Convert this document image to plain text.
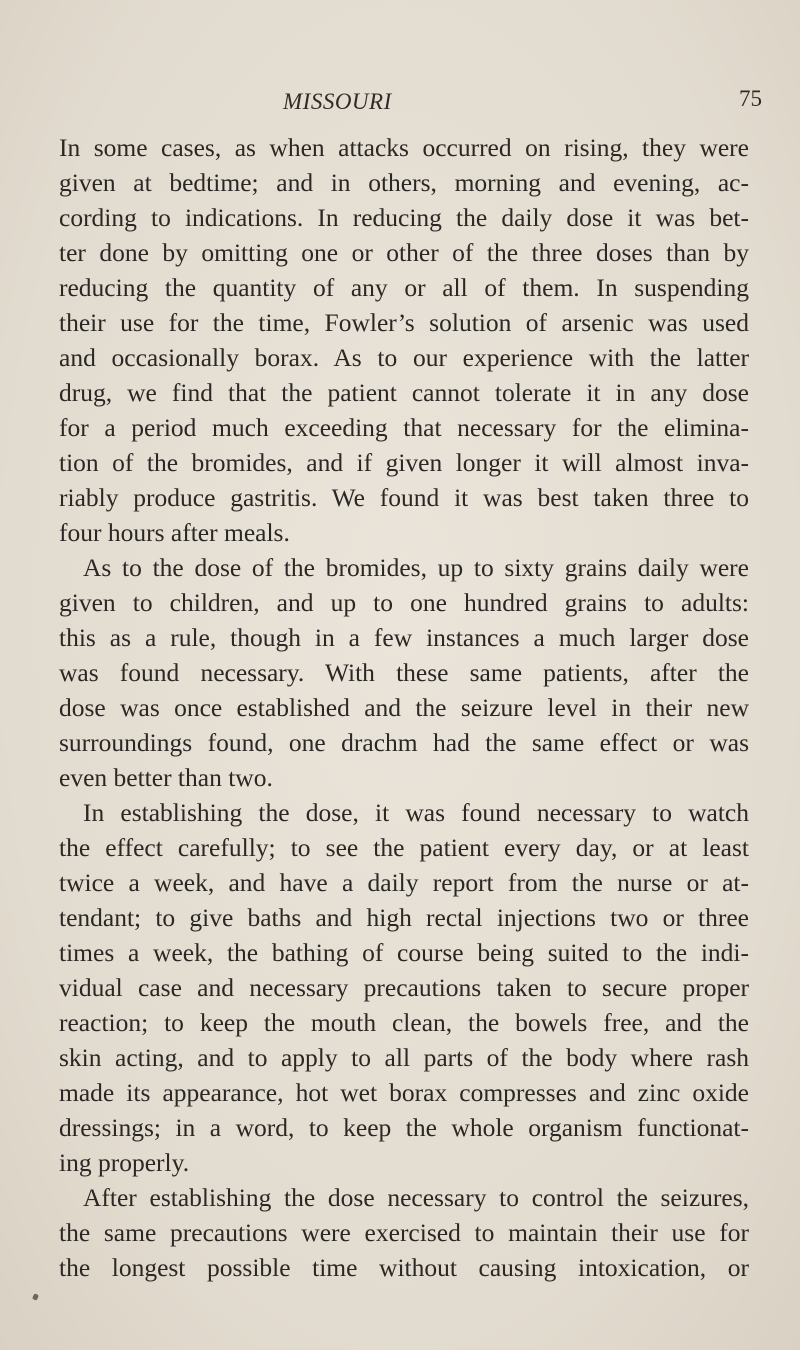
MISSOURI	75
In some cases, as when attacks occurred on rising, they were
given at bedtime; and in others, morning and evening, ac-
cording to indications. In reducing the daily dose it was bet-
ter done by omitting one or other of the three doses than by
reducing the quantity of any or all of them. In suspending
their use for the time, Fowler’s solution of arsenic was used
and occasionally borax. As to our experience with the latter
drug, we find that the patient cannot tolerate it in any dose
for a period much exceeding that necessary for the elimina-
tion of the bromides, and if given longer it will almost inva-
riably produce gastritis. We found it was best taken three to
four hours after meals.
As to the dose of the bromides, up to sixty grains daily were
given to children, and up to one hundred grains to adults:
this as a rule, though in a few instances a much larger dose
was found necessary. With these same patients, after the
dose was once established and the seizure level in their new
surroundings found, one drachm had the same effect or was
even better than two.
In establishing the dose, it was found necessary to watch
the effect carefully; to see the patient every day, or at least
twice a week, and have a daily report from the nurse or at-
tendant; to give baths and high rectal injections two or three
times a week, the bathing of course being suited to the indi-
vidual case and necessary precautions taken to secure proper
reaction; to keep the mouth clean, the bowels free, and the
skin acting, and to apply to all parts of the body where rash
made its appearance, hot wet borax compresses and zinc oxide
dressings; in a word, to keep the whole organism functionat-
ing properly.
After establishing the dose necessary to control the seizures,
the same precautions were exercised to maintain their use for
the longest possible time without causing intoxication, or
